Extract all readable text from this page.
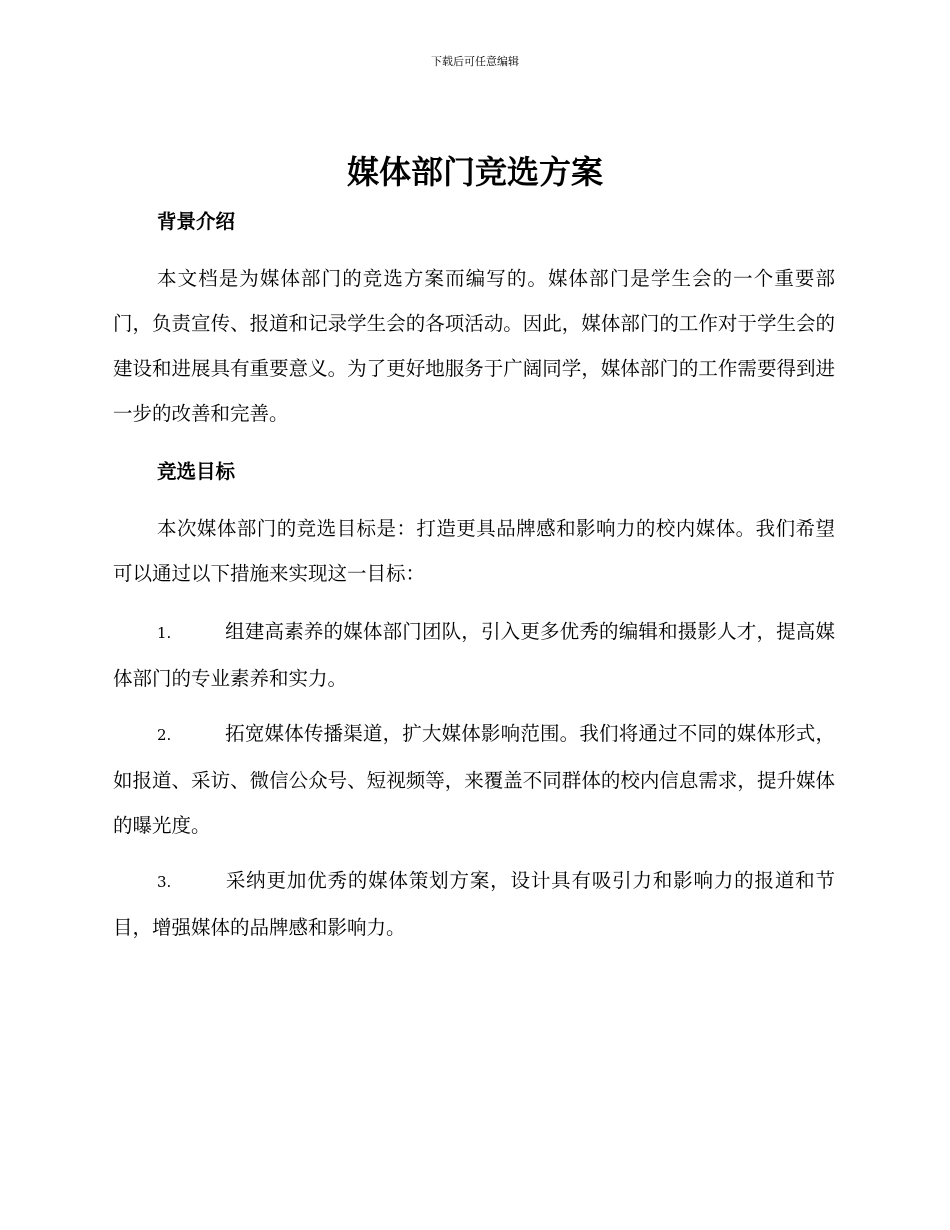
下载后可任意编辑
媒体部门竞选方案
背景介绍

本文档是为媒体部门的竞选方案而编写的。媒体部门是学生会的一个重要部门，负责宣传、报道和记录学生会的各项活动。因此，媒体部门的工作对于学生会的建设和进展具有重要意义。为了更好地服务于广阔同学，媒体部门的工作需要得到进一步的改善和完善。

竞选目标

本次媒体部门的竞选目标是：打造更具品牌感和影响力的校内媒体。我们希望可以通过以下措施来实现这一目标：

1.	组建高素养的媒体部门团队，引入更多优秀的编辑和摄影人才，提高媒体部门的专业素养和实力。

2.	拓宽媒体传播渠道，扩大媒体影响范围。我们将通过不同的媒体形式，如报道、采访、微信公众号、短视频等，来覆盖不同群体的校内信息需求，提升媒体的曝光度。

3.	采纳更加优秀的媒体策划方案，设计具有吸引力和影响力的报道和节目，增强媒体的品牌感和影响力。
